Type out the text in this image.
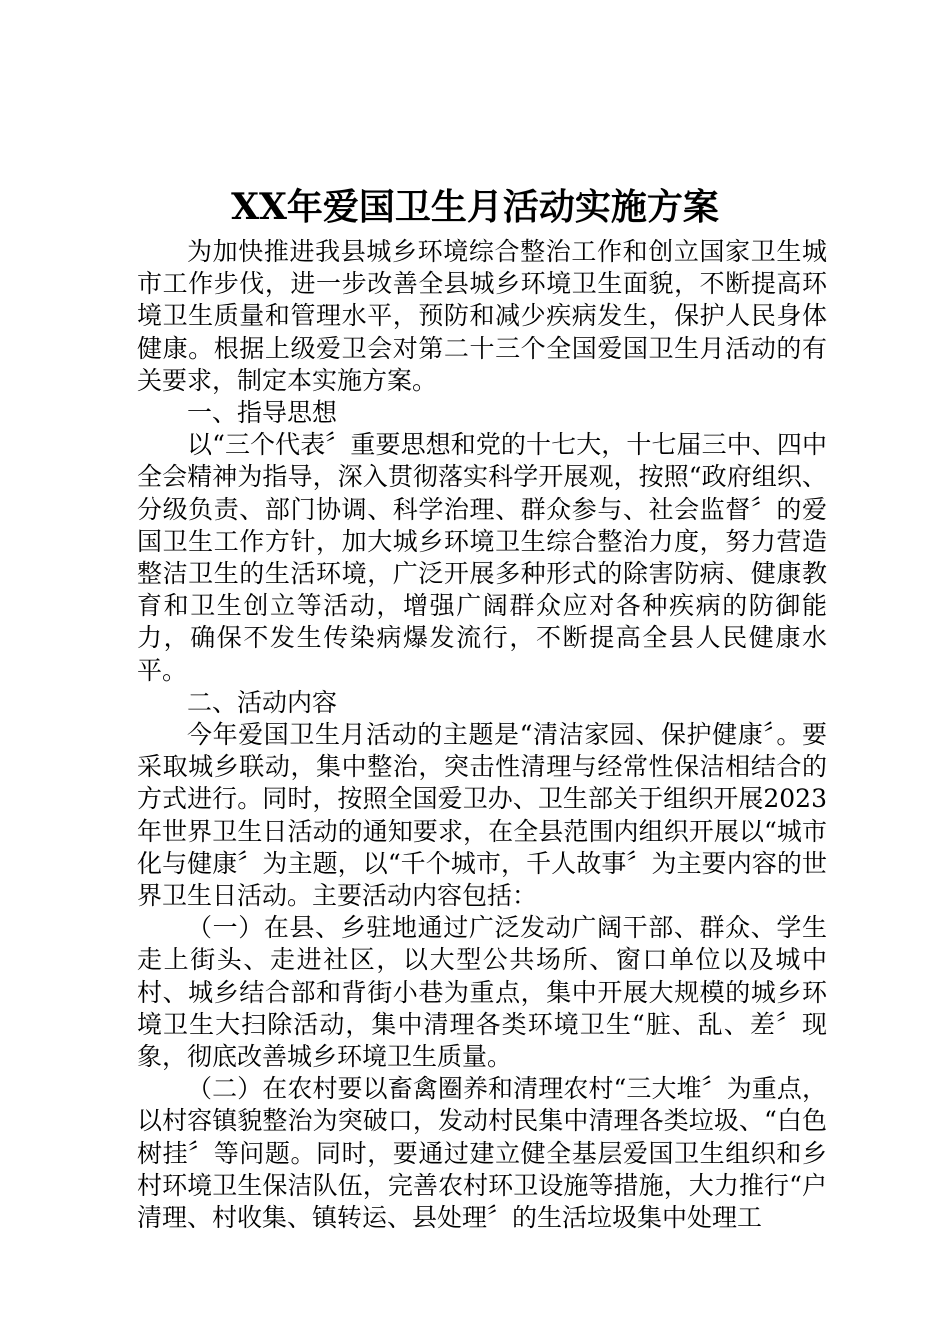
XX年爱国卫生月活动实施方案

为加快推进我县城乡环境综合整治工作和创立国家卫生城市工作步伐，进一步改善全县城乡环境卫生面貌，不断提高环境卫生质量和管理水平，预防和减少疾病发生，保护人民身体健康。根据上级爱卫会对第二十三个全国爱国卫生月活动的有关要求，制定本实施方案。

一、指导思想

以“三个代表〞重要思想和党的十七大，十七届三中、四中全会精神为指导，深入贯彻落实科学开展观，按照“政府组织、分级负责、部门协调、科学治理、群众参与、社会监督〞的爱国卫生工作方针，加大城乡环境卫生综合整治力度，努力营造整洁卫生的生活环境，广泛开展多种形式的除害防病、健康教育和卫生创立等活动，增强广阔群众应对各种疾病的防御能力，确保不发生传染病爆发流行，不断提高全县人民健康水平。

二、活动内容

今年爱国卫生月活动的主题是“清洁家园、保护健康〞。要采取城乡联动，集中整治，突击性清理与经常性保洁相结合的方式进行。同时，按照全国爱卫办、卫生部关于组织开展2023年世界卫生日活动的通知要求，在全县范围内组织开展以“城市化与健康〞为主题，以“千个城市，千人故事〞为主要内容的世界卫生日活动。主要活动内容包括：

（一）在县、乡驻地通过广泛发动广阔干部、群众、学生走上街头、走进社区，以大型公共场所、窗口单位以及城中村、城乡结合部和背街小巷为重点，集中开展大规模的城乡环境卫生大扫除活动，集中清理各类环境卫生“脏、乱、差〞现象，彻底改善城乡环境卫生质量。

（二）在农村要以畜禽圈养和清理农村“三大堆〞为重点，以村容镇貌整治为突破口，发动村民集中清理各类垃圾、“白色树挂〞等问题。同时，要通过建立健全基层爱国卫生组织和乡村环境卫生保洁队伍，完善农村环卫设施等措施，大力推行“户清理、村收集、镇转运、县处理〞的生活垃圾集中处理工
